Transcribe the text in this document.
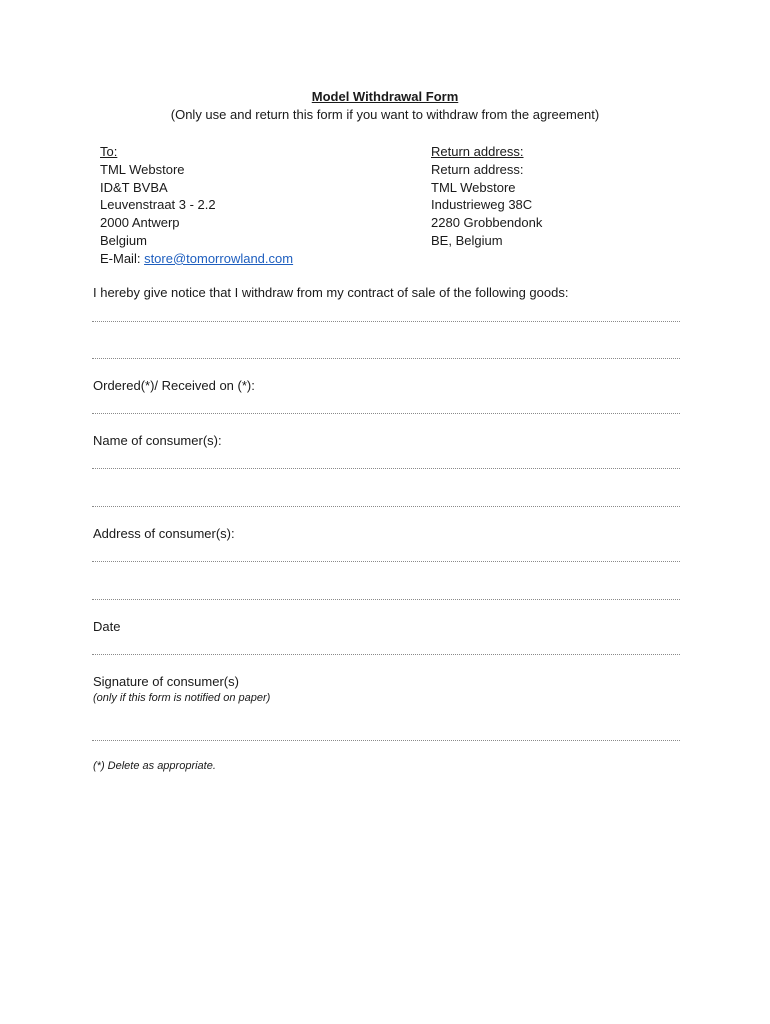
Model Withdrawal Form
(Only use and return this form if you want to withdraw from the agreement)
To:
TML Webstore
ID&T BVBA
Leuvenstraat 3 - 2.2
2000 Antwerp
Belgium
E-Mail: store@tomorrowland.com
Return address:
Return address:
TML Webstore
Industrieweg 38C
2280 Grobbendonk
BE, Belgium
I hereby give notice that I withdraw from my contract of sale of the following goods:
Ordered(*)/ Received on (*):
Name of consumer(s):
Address of consumer(s):
Date
Signature of consumer(s)
(only if this form is notified on paper)
(*) Delete as appropriate.
